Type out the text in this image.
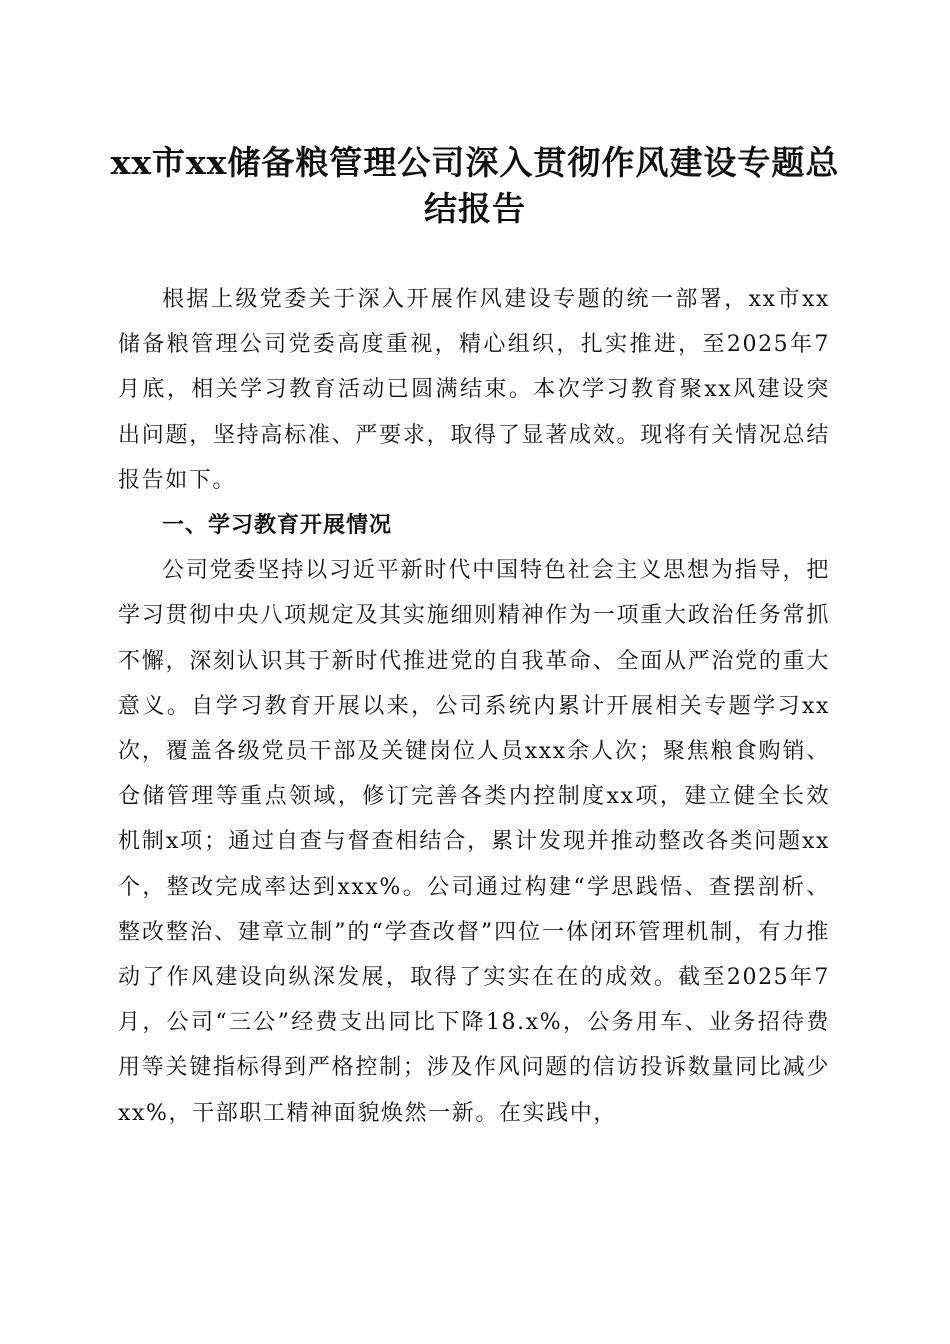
xx市xx储备粮管理公司深入贯彻作风建设专题总结报告

根据上级党委关于深入开展作风建设专题的统一部署，xx市xx储备粮管理公司党委高度重视，精心组织，扎实推进，至2025年7月底，相关学习教育活动已圆满结束。本次学习教育聚xx风建设突出问题，坚持高标准、严要求，取得了显著成效。现将有关情况总结报告如下。

一、学习教育开展情况

公司党委坚持以习近平新时代中国特色社会主义思想为指导，把学习贯彻中央八项规定及其实施细则精神作为一项重大政治任务常抓不懈，深刻认识其于新时代推进党的自我革命、全面从严治党的重大意义。自学习教育开展以来，公司系统内累计开展相关专题学习xx次，覆盖各级党员干部及关键岗位人员xxx余人次；聚焦粮食购销、仓储管理等重点领域，修订完善各类内控制度xx项，建立健全长效机制x项；通过自查与督查相结合，累计发现并推动整改各类问题xx个，整改完成率达到xxx%。公司通过构建“学思践悟、查摆剖析、整改整治、建章立制”的“学查改督”四位一体闭环管理机制，有力推动了作风建设向纵深发展，取得了实实在在的成效。截至2025年7月，公司“三公”经费支出同比下降18.x%，公务用车、业务招待费用等关键指标得到严格控制；涉及作风问题的信访投诉数量同比减少xx%，干部职工精神面貌焕然一新。在实践中，
